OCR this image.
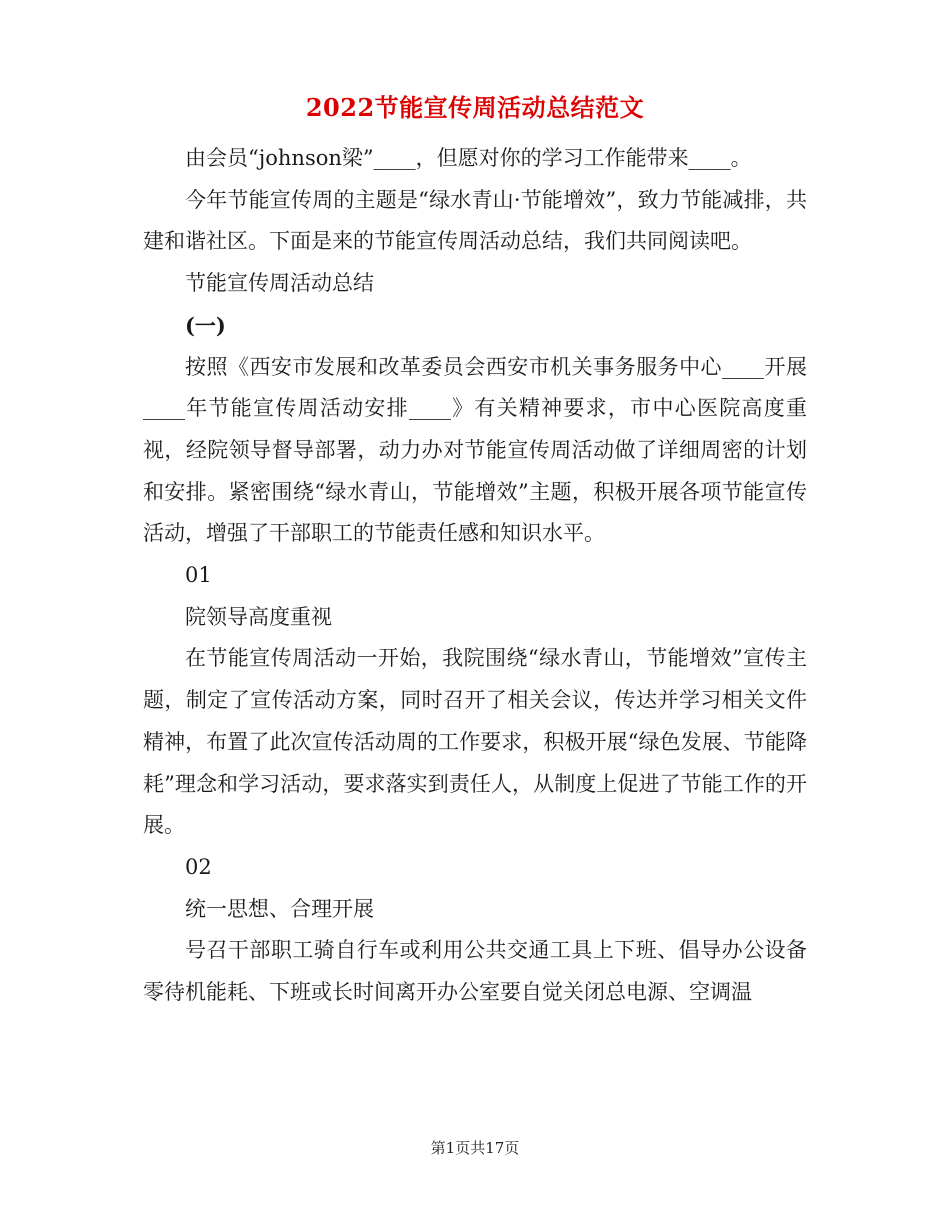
2022节能宣传周活动总结范文

由会员“johnson梁”____，但愿对你的学习工作能带来____。

今年节能宣传周的主题是“绿水青山·节能增效”，致力节能减排，共建和谐社区。下面是来的节能宣传周活动总结，我们共同阅读吧。

节能宣传周活动总结

(一)

按照《西安市发展和改革委员会西安市机关事务服务中心____开展____年节能宣传周活动安排____》有关精神要求，市中心医院高度重视，经院领导督导部署，动力办对节能宣传周活动做了详细周密的计划和安排。紧密围绕“绿水青山，节能增效”主题，积极开展各项节能宣传活动，增强了干部职工的节能责任感和知识水平。

01

院领导高度重视

在节能宣传周活动一开始，我院围绕“绿水青山，节能增效”宣传主题，制定了宣传活动方案，同时召开了相关会议，传达并学习相关文件精神，布置了此次宣传活动周的工作要求，积极开展“绿色发展、节能降耗”理念和学习活动，要求落实到责任人，从制度上促进了节能工作的开展。

02

统一思想、合理开展

号召干部职工骑自行车或利用公共交通工具上下班、倡导办公设备零待机能耗、下班或长时间离开办公室要自觉关闭总电源、空调温

第1页共17页
